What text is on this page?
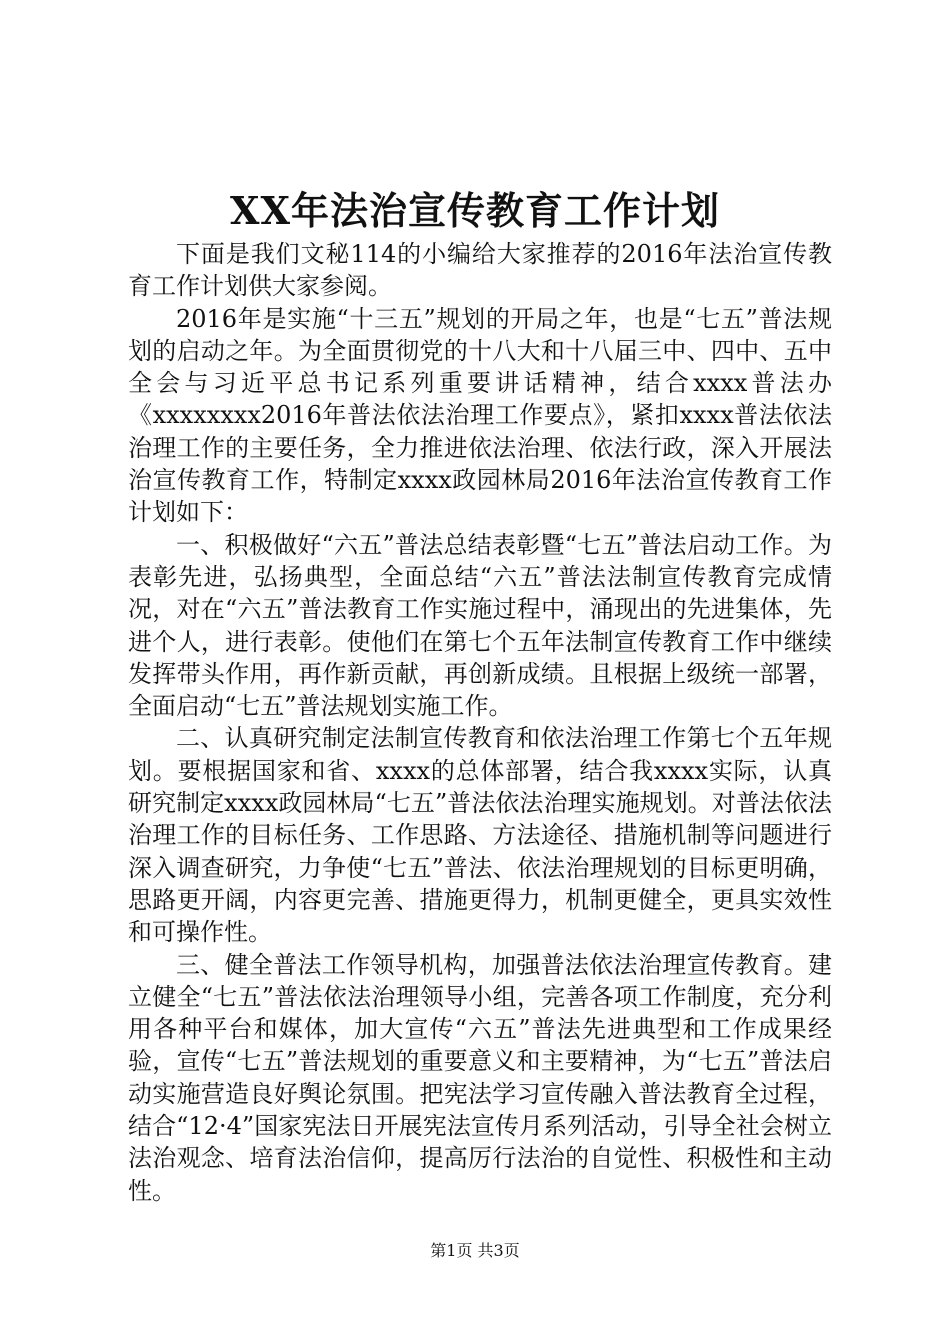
XX年法治宣传教育工作计划

下面是我们文秘114的小编给大家推荐的2016年法治宣传教育工作计划供大家参阅。

2016年是实施“十三五”规划的开局之年，也是“七五”普法规划的启动之年。为全面贯彻党的十八大和十八届三中、四中、五中全会与习近平总书记系列重要讲话精神，结合xxxx普法办《xxxxxxxx2016年普法依法治理工作要点》，紧扣xxxx普法依法治理工作的主要任务，全力推进依法治理、依法行政，深入开展法治宣传教育工作，特制定xxxx政园林局2016年法治宣传教育工作计划如下：

一、积极做好“六五”普法总结表彰暨“七五”普法启动工作。为表彰先进，弘扬典型，全面总结“六五”普法法制宣传教育完成情况，对在“六五”普法教育工作实施过程中，涌现出的先进集体，先进个人，进行表彰。使他们在第七个五年法制宣传教育工作中继续发挥带头作用，再作新贡献，再创新成绩。且根据上级统一部署，全面启动“七五”普法规划实施工作。

二、认真研究制定法制宣传教育和依法治理工作第七个五年规划。要根据国家和省、xxxx的总体部署，结合我xxxx实际，认真研究制定xxxx政园林局“七五”普法依法治理实施规划。对普法依法治理工作的目标任务、工作思路、方法途径、措施机制等问题进行深入调查研究，力争使“七五”普法、依法治理规划的目标更明确，思路更开阔，内容更完善、措施更得力，机制更健全，更具实效性和可操作性。

三、健全普法工作领导机构，加强普法依法治理宣传教育。建立健全“七五”普法依法治理领导小组，完善各项工作制度，充分利用各种平台和媒体，加大宣传“六五”普法先进典型和工作成果经验，宣传“七五”普法规划的重要意义和主要精神，为“七五”普法启动实施营造良好舆论氛围。把宪法学习宣传融入普法教育全过程，结合“12·4”国家宪法日开展宪法宣传月系列活动，引导全社会树立法治观念、培育法治信仰，提高厉行法治的自觉性、积极性和主动性。

第1页 共3页
